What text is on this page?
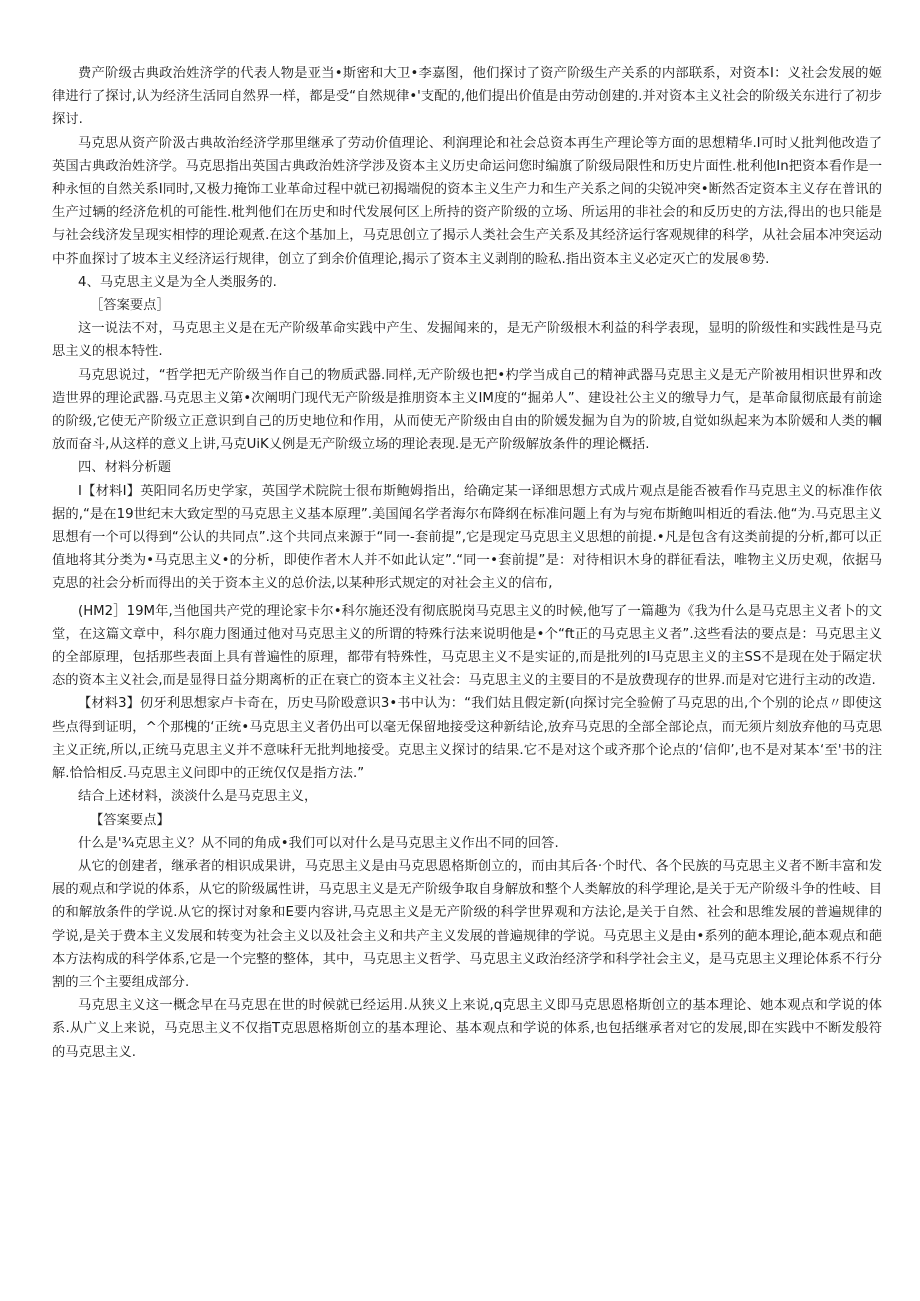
费产阶级古典政治姓济学的代表人物是亚当•斯密和大卫•李嘉图，他们探讨了资产阶级生产关系的内部联系，对资本I：义社会发展的姬律进行了探讨,认为经济生活同自然界一样，都是受“自然规律•'支配的,他们提出价值是由劳动创建的.并对资本主义社会的阶级关东进行了初步探讨.

马克思从资产阶汲古典故治经济学那里继承了劳动价值理论、利润理论和社会总资本再生产理论等方面的思想精华.I可时乂批判他改造了英国古典政治姓济学。马克思指出英国古典政治姓济学涉及资本主义历史命运问您时编旗了阶级局限性和历史片面性.枇利他In把资本看作是一种永恒的自然关系I同时,又极力掩饰工业革命过程中就已初揭端倪的资本主义生产力和生产关系之间的尖锐冲突•断然否定资本主义存在普讯的生产过辆的经济危机的可能性.枇判他们在历史和时代发展何区上所持的资产阶级的立场、所运用的非社会的和反历史的方法,得出的也只能是与社会线济发呈现实相悖的理论观煮.在这个基加上，马克思创立了揭示人类社会生产关系及其经济运行客观规律的科学，从社会届本冲突运动中芥血探讨了坡本主义经济运行规律，创立了到余价值理论,揭示了资本主义剥削的睑私.指出资本主义必定灭亡的发展®势.

4、马克思主义是为全人类服务的.

［答案要点］

这一说法不对，马克思主义是在无产阶级革命实践中产生、发掘闻来的，是无产阶级根木利益的科学表现，显明的阶级性和实践性是马克思主义的根本特性.

马克思说过，“哲学把无产阶级当作自己的物质武器.同样,无产阶级也把•杓学当成自己的精神武器马克思主义是无产阶被用相识世界和改造世界的理论武器.马克思主义第•次阐明门现代无产阶级是推朋资本主义IM度的“掘弟人”、建设社公主义的缴导力气，是革命鼠彻底最有前途的阶级,它使无产阶级立正意识到自己的历史地位和作用，从而使无产阶级由自由的阶媛发掘为自为的阶坡,自觉如纵起来为本阶媛和人类的幗放而奋斗,从这样的意义上讲,马克UiK乂例是无产阶级立场的理论表现.是无产阶级解放条件的理论概括.

四、材料分析题

I【材料I】英阳同名历史学家，英国学术院院士很布斯鲍姆指出，给确定某一译细思想方式成片观点是能否被看作马克思主义的标准作依据的,“是在19世纪末大致定型的马克思主义基本原理”.美国闻名学者海尔布降纲在标准问题上有为与宛布斯鲍叫相近的看法.他“为.马克思主义思想有一个可以得到“公认的共同点”.这个共同点来源于“同一-套前提”,它是现定马克思主义思想的前提.•凡是包含有这类前提的分析,都可以正值地将其分类为•马克思主义•的分析，即使作者木人并不如此认定”.“同一•套前提”是：对待相识木身的群征看法，唯物主义历史观，依据马克思的社会分析而得出的关于资本主义的总价法,以某种形式规定的对社会主义的信布,

(HM2］19M年,当他国共产党的理论家卡尔•科尔施还没有彻底脱岗马克思主义的时候,他写了一篇趣为《我为什么是马克思主义者卜的文堂，在这篇文章中，科尔鹿力图通过他对马克思主义的所谓的特殊行法来说明他是•个“ft正的马克思主义者”.这些看法的要点是：马克思主义的全部原理，包括那些表面上具有普遍性的原理，都带有特殊性，马克思主义不是实证的,而是批列的I马克思主义的主SS不是现在处于隔定状态的资本主义社会,而是显得日益分期离析的正在衰亡的资本主义社会：马克思主义的主要目的不是放费现存的世界.而是对它进行主动的改造.

【材料3】仞牙利思想家卢卡奇在，历史马阶殴意识3•书中认为：“我们姑且假定新(向探讨完全验俯了马克思的出,个个别的论点〃即使这些点得到证明，^个那槐的‘正统•马克思主义者仍出可以毫无保留地接受这种新结论,放弃马克思的全部全部论点，而无须片刻放弃他的马克思主义正统,所以,正统马克思主义并不意味秆无批判地接受。克思主义探讨的结果.它不是对这个或齐那个论点的‘信仰’,也不是对某本‘至'书的注解.恰恰相反.马克思主义问即中的正统仅仅是指方法.”

结合上述材料，淡淡什么是马克思主义，

【答案要点】

什么是'¾克思主义？从不同的角成•我们可以对什么是马克思主义作出不同的回答.

从它的创建者，继承者的相识成果讲，马克思主义是由马克思恩格斯创立的，而由其后各·个时代、各个民族的马克思主义者不断丰富和发展的观点和学说的体系，从它的阶级属性讲，马克思主义是无产阶级争取自身解放和整个人类解放的科学理论,是关于无产阶级斗争的性岐、目的和解放条件的学说.从它的探讨对象和E要内容讲,马克思主义是无产阶级的科学世界观和方法论,是关于自然、社会和思维发展的普遍规律的学说,是关于费本主义发展和转变为社会主义以及社会主义和共产主义发展的普遍规律的学说。马克思主义是由•系列的葩本理论,葩本观点和葩本方法构成的科学体系,它是一个完整的整体，其中，马克思主义哲学、马克思主义政治经济学和科学社会主义，是马克思主义理论体系不行分割的三个主要组成部分.

马克思主义这一概念早在马克思在世的时候就已经运用.从狭义上来说,q克思主义即马克思恩格斯创立的基本理论、她本观点和学说的体系.从广义上来说，马克思主义不仅指T克思恩格斯创立的基本理论、基本观点和学说的体系,也包括继承者对它的发展,即在实践中不断发般符的马克思主义.
